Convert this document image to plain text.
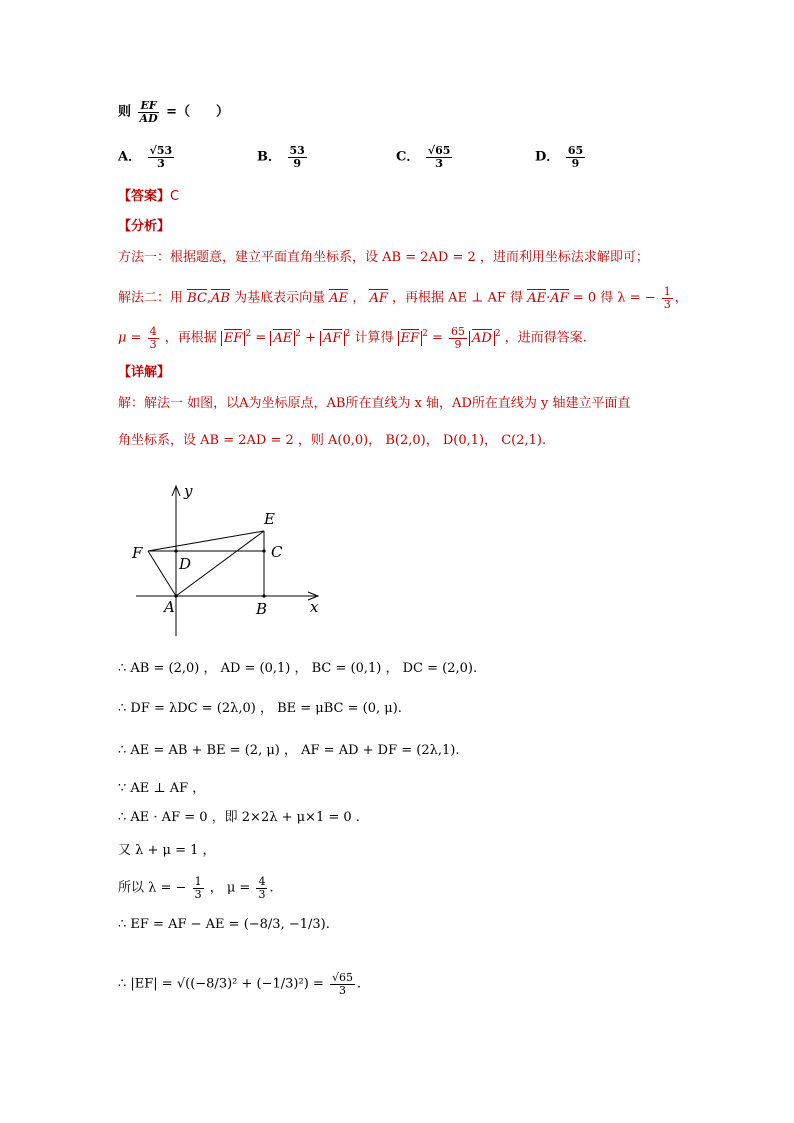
则 $\frac{EF}{AD}$ =（　　）
A． $\frac{√53}{3}$	B． $\frac{53}{9}$	C． $\frac{√65}{3}$	D． $\frac{65}{9}$
【答案】C
【分析】
方法一：根据题意，建立平面直角坐标系，设 AB = 2AD = 2 ，进而利用坐标法求解即可；
解法二：用 BC,AB 为基底表示向量 AE ， AF ，再根据 AE ⊥ AF 得 AE·AF = 0 得 λ = − $\frac{1}{3}$ ，
$\mu = \frac{4}{3}$ ，再根据 EF $^2$ = AE $^2$ + AF $^2$ 计算得 EF $^2 = \frac{65}{9}$ AD $^2$ ，进而得答案.
【详解】
解：解法一 如图，以A为坐标原点，AB所在直线为 x 轴，AD所在直线为 y 轴建立平面直
角坐标系，设 AB = 2AD = 2 ，则 A(0,0)， B(2,0)， D(0,1)， C(2,1).
y
E
F	C
D
A	B	x
∴ AB = (2,0) ， AD = (0,1) ， BC = (0,1) ， DC = (2,0).
∴ DF = λDC = (2λ,0) ， BE = μBC = (0, μ).
∴ AE = AB + BE = (2, μ) ， AF = AD + DF = (2λ,1).
∵ AE ⊥ AF ，
∴ AE · AF = 0 ，即 2×2λ + μ×1 = 0 .
又 λ + μ = 1 ，
所以 λ = − $\frac{1}{3}$ ， $\mu = \frac{4}{3}$ .
∴ EF = AF − AE = (−8/3, −1/3).
∴ $|EF| = √((-8/3)^2 + (-1/3)^2) = \frac{√65}{3}$ .
